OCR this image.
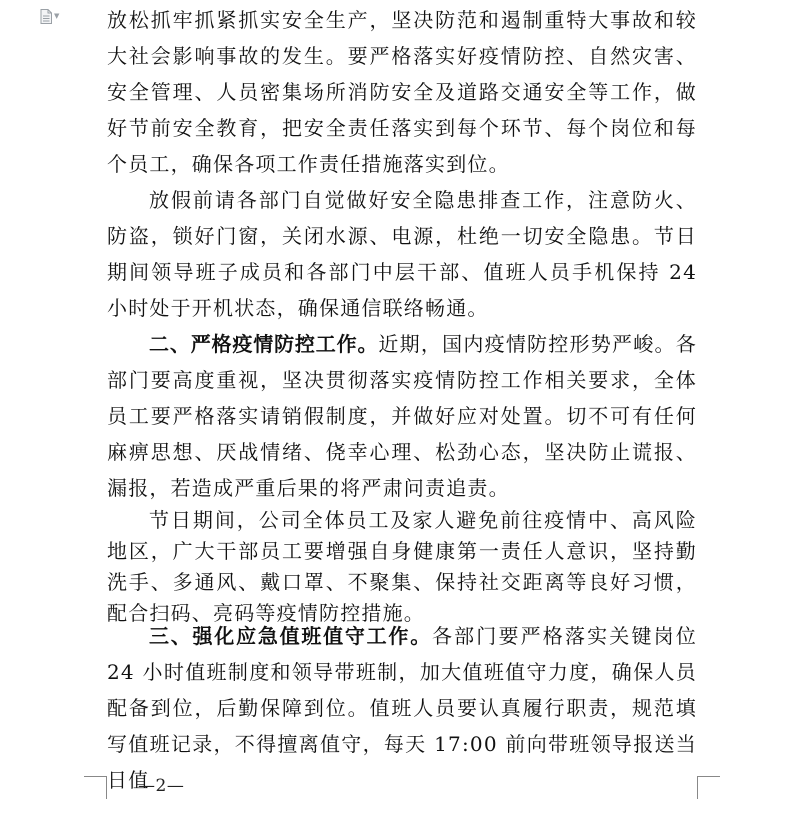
▼ 放松抓牢抓紧抓实安全生产，坚决防范和遏制重特大事故和较大社会影响事故的发生。要严格落实好疫情防控、自然灾害、安全管理、人员密集场所消防安全及道路交通安全等工作，做好节前安全教育，把安全责任落实到每个环节、每个岗位和每个员工，确保各项工作责任措施落实到位。

放假前请各部门自觉做好安全隐患排查工作，注意防火、防盗，锁好门窗，关闭水源、电源，杜绝一切安全隐患。节日期间领导班子成员和各部门中层干部、值班人员手机保持 24 小时处于开机状态，确保通信联络畅通。

二、严格疫情防控工作。近期，国内疫情防控形势严峻。各部门要高度重视，坚决贯彻落实疫情防控工作相关要求，全体员工要严格落实请销假制度，并做好应对处置。切不可有任何麻痹思想、厌战情绪、侥幸心理、松劲心态，坚决防止谎报、漏报，若造成严重后果的将严肃问责追责。

节日期间，公司全体员工及家人避免前往疫情中、高风险地区，广大干部员工要增强自身健康第一责任人意识，坚持勤洗手、多通风、戴口罩、不聚集、保持社交距离等良好习惯，配合扫码、亮码等疫情防控措施。

三、强化应急值班值守工作。各部门要严格落实关键岗位 24 小时值班制度和领导带班制，加大值班值守力度，确保人员配备到位，后勤保障到位。值班人员要认真履行职责，规范填写值班记录，不得擅离值守，每天 17:00 前向带班领导报送当日值

—2—
